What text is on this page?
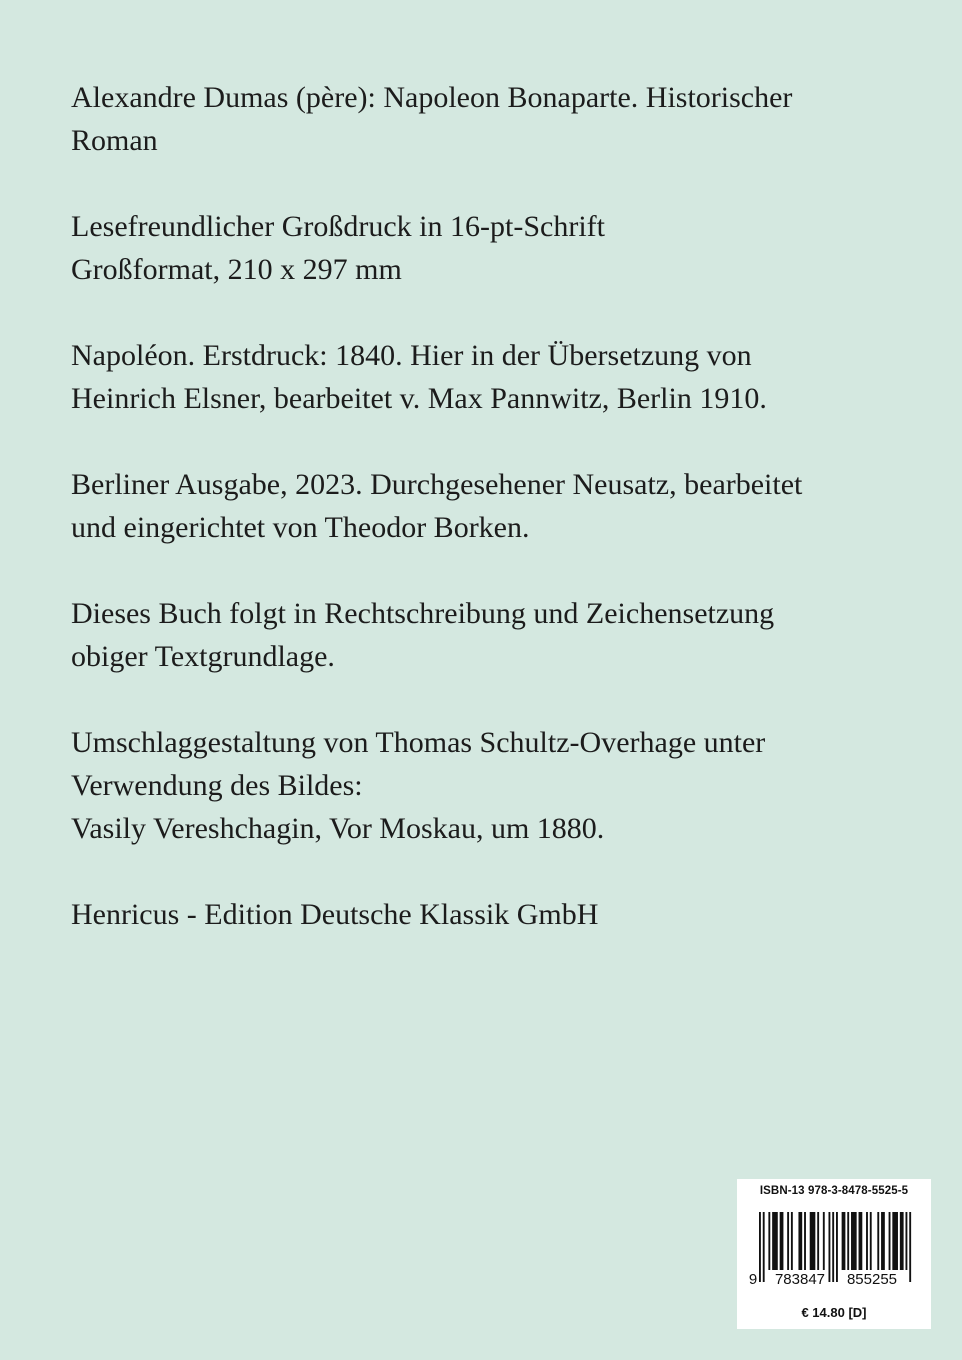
Alexandre Dumas (père): Napoleon Bonaparte. Historischer
Roman

Lesefreundlicher Großdruck in 16-pt-Schrift
Großformat, 210 x 297 mm

Napoléon. Erstdruck: 1840. Hier in der Übersetzung von
Heinrich Elsner, bearbeitet v. Max Pannwitz, Berlin 1910.

Berliner Ausgabe, 2023. Durchgesehener Neusatz, bearbeitet
und eingerichtet von Theodor Borken.

Dieses Buch folgt in Rechtschreibung und Zeichensetzung
obiger Textgrundlage.

Umschlaggestaltung von Thomas Schultz-Overhage unter
Verwendung des Bildes:
Vasily Vereshchagin, Vor Moskau, um 1880.

Henricus - Edition Deutsche Klassik GmbH

ISBN-13 978-3-8478-5525-5
9 783847 855255
€ 14.80 [D]
